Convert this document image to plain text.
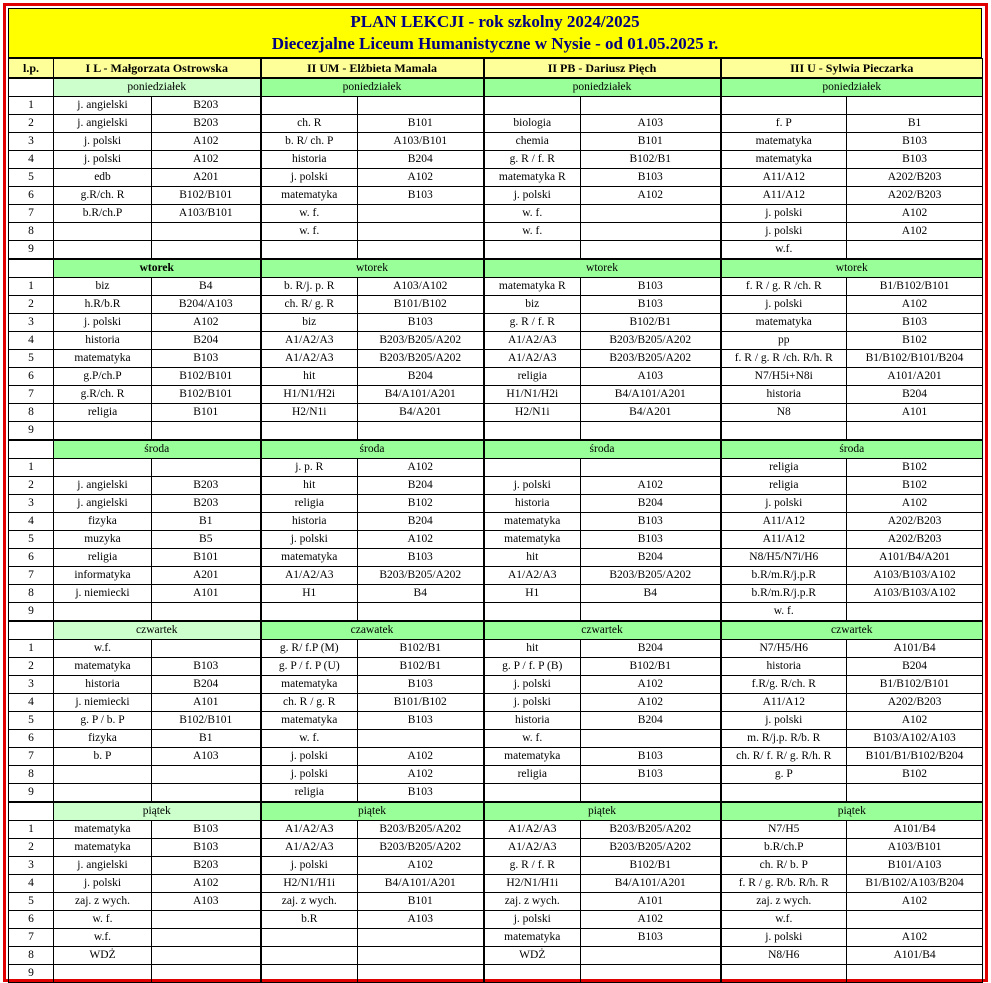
PLAN LEKCJI - rok szkolny 2024/2025
Diecezjalne Liceum Humanistyczne w Nysie - od 01.05.2025 r.
l.p.	I L - Małgorzata Ostrowska		II UM - Elżbieta Mamala		II PB - Dariusz Pięch		III U - Sylwia Pieczarka	
	poniedziałek		poniedziałek		poniedziałek		poniedziałek	
1	j. angielski	B203						
2	j. angielski	B203	ch. R	B101	biologia	A103	f. P	B1
3	j. polski	A102	b. R/ ch. P	A103/B101	chemia	B101	matematyka	B103
4	j. polski	A102	historia	B204	g. R / f. R	B102/B1	matematyka	B103
5	edb	A201	j. polski	A102	matematyka R	B103	A11/A12	A202/B203
6	g.R/ch. R	B102/B101	matematyka	B103	j. polski	A102	A11/A12	A202/B203
7	b.R/ch.P	A103/B101	w. f.		w. f.		j. polski	A102
8			w. f.		w. f.		j. polski	A102
9							w.f.	
	wtorek		wtorek		wtorek		wtorek	
1	biz	B4	b. R/j. p. R	A103/A102	matematyka R	B103	f. R / g. R /ch. R	B1/B102/B101
2	h.R/b.R	B204/A103	ch. R/ g. R	B101/B102	biz	B103	j. polski	A102
3	j. polski	A102	biz	B103	g. R / f. R	B102/B1	matematyka	B103
4	historia	B204	A1/A2/A3	B203/B205/A202	A1/A2/A3	B203/B205/A202	pp	B102
5	matematyka	B103	A1/A2/A3	B203/B205/A202	A1/A2/A3	B203/B205/A202	f. R / g. R /ch. R/h. R	B1/B102/B101/B204
6	g.P/ch.P	B102/B101	hit	B204	religia	A103	N7/H5i+N8i	A101/A201
7	g.R/ch. R	B102/B101	H1/N1/H2i	B4/A101/A201	H1/N1/H2i	B4/A101/A201	historia	B204
8	religia	B101	H2/N1i	B4/A201	H2/N1i	B4/A201	N8	A101
9								
	środa		środa		środa		środa	
1			j. p. R	A102			religia	B102
2	j. angielski	B203	hit	B204	j. polski	A102	religia	B102
3	j. angielski	B203	religia	B102	historia	B204	j. polski	A102
4	fizyka	B1	historia	B204	matematyka	B103	A11/A12	A202/B203
5	muzyka	B5	j. polski	A102	matematyka	B103	A11/A12	A202/B203
6	religia	B101	matematyka	B103	hit	B204	N8/H5/N7i/H6	A101/B4/A201
7	informatyka	A201	A1/A2/A3	B203/B205/A202	A1/A2/A3	B203/B205/A202	b.R/m.R/j.p.R	A103/B103/A102
8	j. niemiecki	A101	H1	B4	H1	B4	b.R/m.R/j.p.R	A103/B103/A102
9							w. f.	
	czwartek		czawatek		czwartek		czwartek	
1	w.f.		g. R/ f.P (M)	B102/B1	hit	B204	N7/H5/H6	A101/B4
2	matematyka	B103	g. P / f. P (U)	B102/B1	g. P / f. P (B)	B102/B1	historia	B204
3	historia	B204	matematyka	B103	j. polski	A102	f.R/g. R/ch. R	B1/B102/B101
4	j. niemiecki	A101	ch. R / g. R	B101/B102	j. polski	A102	A11/A12	A202/B203
5	g. P / b. P	B102/B101	matematyka	B103	historia	B204	j. polski	A102
6	fizyka	B1	w. f.		w. f.		m. R/j.p. R/b. R	B103/A102/A103
7	b. P	A103	j. polski	A102	matematyka	B103	ch. R/ f. R/ g. R/h. R	B101/B1/B102/B204
8			j. polski	A102	religia	B103	g. P	B102
9			religia	B103				
	piątek		piątek		piątek		piątek	
1	matematyka	B103	A1/A2/A3	B203/B205/A202	A1/A2/A3	B203/B205/A202	N7/H5	A101/B4
2	matematyka	B103	A1/A2/A3	B203/B205/A202	A1/A2/A3	B203/B205/A202	b.R/ch.P	A103/B101
3	j. angielski	B203	j. polski	A102	g. R / f. R	B102/B1	ch. R/ b. P	B101/A103
4	j. polski	A102	H2/N1/H1i	B4/A101/A201	H2/N1/H1i	B4/A101/A201	f. R / g. R/b. R/h. R	B1/B102/A103/B204
5	zaj. z wych.	A103	zaj. z wych.	B101	zaj. z wych.	A101	zaj. z wych.	A102
6	w. f.		b.R	A103	j. polski	A102	w.f.	
7	w.f.				matematyka	B103	j. polski	A102
8	WDŻ				WDŻ		N8/H6	A101/B4
9								
